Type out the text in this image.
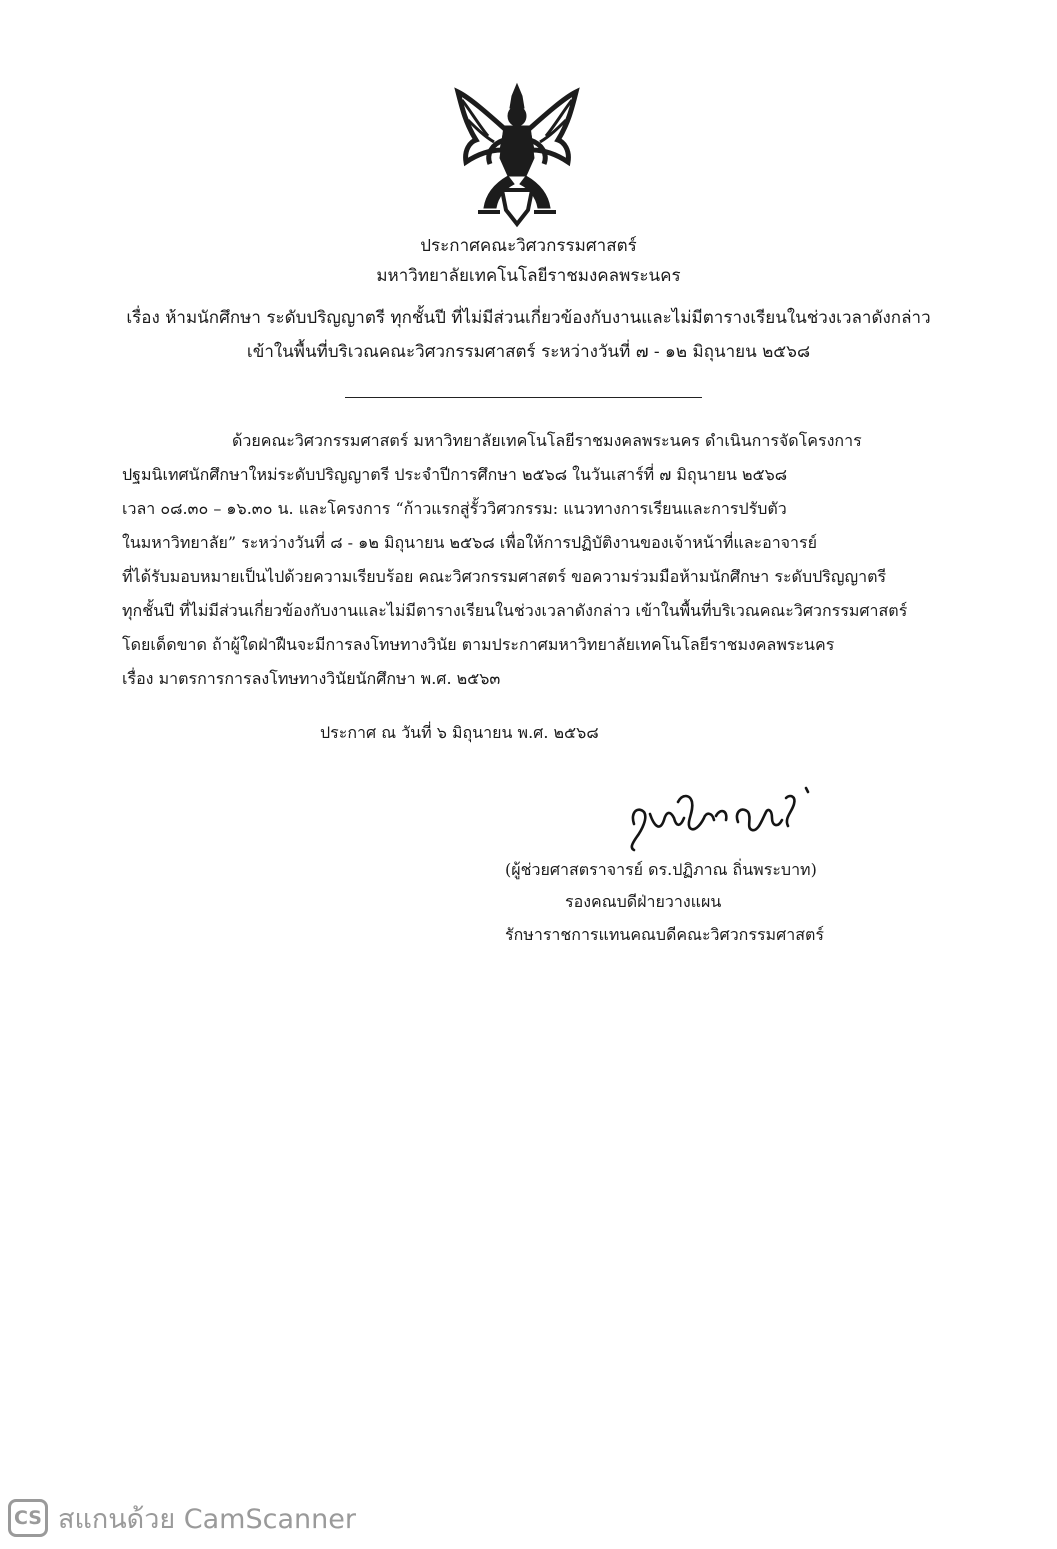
ประกาศคณะวิศวกรรมศาสตร์
มหาวิทยาลัยเทคโนโลยีราชมงคลพระนคร
เรื่อง ห้ามนักศึกษา ระดับปริญญาตรี ทุกชั้นปี ที่ไม่มีส่วนเกี่ยวข้องกับงานและไม่มีตารางเรียนในช่วงเวลาดังกล่าว
เข้าในพื้นที่บริเวณคณะวิศวกรรมศาสตร์ ระหว่างวันที่ ๗ - ๑๒ มิถุนายน ๒๕๖๘
ด้วยคณะวิศวกรรมศาสตร์ มหาวิทยาลัยเทคโนโลยีราชมงคลพระนคร ดำเนินการจัดโครงการ
ปฐมนิเทศนักศึกษาใหม่ระดับปริญญาตรี ประจำปีการศึกษา ๒๕๖๘ ในวันเสาร์ที่ ๗ มิถุนายน ๒๕๖๘
เวลา ๐๘.๓๐ – ๑๖.๓๐ น. และโครงการ “ก้าวแรกสู่รั้ววิศวกรรม: แนวทางการเรียนและการปรับตัว
ในมหาวิทยาลัย” ระหว่างวันที่ ๘ - ๑๒ มิถุนายน ๒๕๖๘ เพื่อให้การปฏิบัติงานของเจ้าหน้าที่และอาจารย์
ที่ได้รับมอบหมายเป็นไปด้วยความเรียบร้อย คณะวิศวกรรมศาสตร์ ขอความร่วมมือห้ามนักศึกษา ระดับปริญญาตรี
ทุกชั้นปี ที่ไม่มีส่วนเกี่ยวข้องกับงานและไม่มีตารางเรียนในช่วงเวลาดังกล่าว เข้าในพื้นที่บริเวณคณะวิศวกรรมศาสตร์
โดยเด็ดขาด ถ้าผู้ใดฝ่าฝืนจะมีการลงโทษทางวินัย ตามประกาศมหาวิทยาลัยเทคโนโลยีราชมงคลพระนคร
เรื่อง มาตรการการลงโทษทางวินัยนักศึกษา พ.ศ. ๒๕๖๓
ประกาศ ณ วันที่ ๖ มิถุนายน พ.ศ. ๒๕๖๘
(ผู้ช่วยศาสตราจารย์ ดร.ปฏิภาณ ถิ่นพระบาท)
รองคณบดีฝ่ายวางแผน
รักษาราชการแทนคณบดีคณะวิศวกรรมศาสตร์
CS สแกนด้วย CamScanner
